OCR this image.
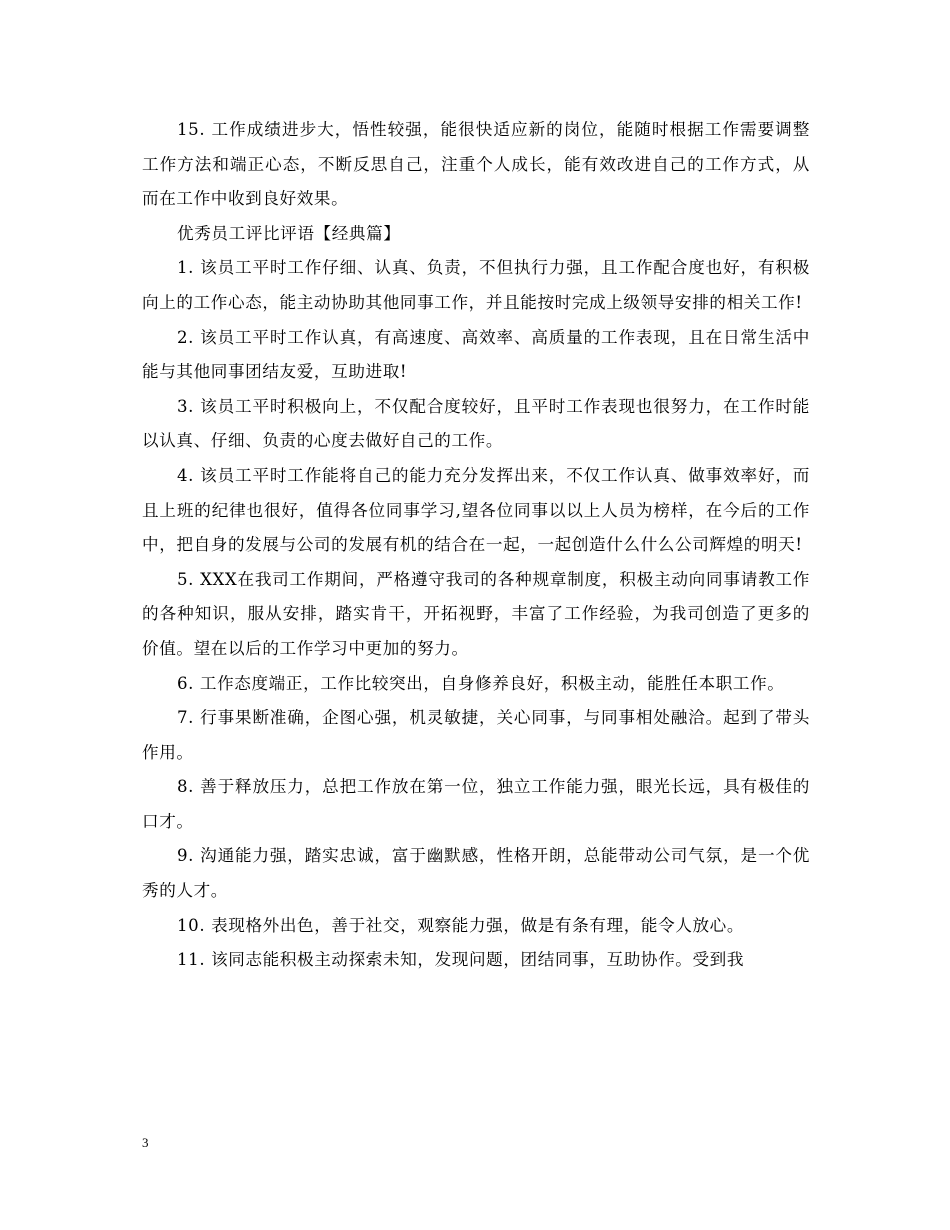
15. 工作成绩进步大，悟性较强，能很快适应新的岗位，能随时根据工作需要调整工作方法和端正心态，不断反思自己，注重个人成长，能有效改进自己的工作方式，从而在工作中收到良好效果。

优秀员工评比评语【经典篇】

1. 该员工平时工作仔细、认真、负责，不但执行力强，且工作配合度也好，有积极向上的工作心态，能主动协助其他同事工作，并且能按时完成上级领导安排的相关工作!

2. 该员工平时工作认真，有高速度、高效率、高质量的工作表现，且在日常生活中能与其他同事团结友爱，互助进取!

3. 该员工平时积极向上，不仅配合度较好，且平时工作表现也很努力，在工作时能以认真、仔细、负责的心度去做好自己的工作。

4. 该员工平时工作能将自己的能力充分发挥出来，不仅工作认真、做事效率好，而且上班的纪律也很好，值得各位同事学习,望各位同事以以上人员为榜样，在今后的工作中，把自身的发展与公司的发展有机的结合在一起，一起创造什么什么公司辉煌的明天!

5. XXX在我司工作期间，严格遵守我司的各种规章制度，积极主动向同事请教工作的各种知识，服从安排，踏实肯干，开拓视野，丰富了工作经验，为我司创造了更多的价值。望在以后的工作学习中更加的努力。

6. 工作态度端正，工作比较突出，自身修养良好，积极主动，能胜任本职工作。

7. 行事果断准确，企图心强，机灵敏捷，关心同事，与同事相处融洽。起到了带头作用。

8. 善于释放压力，总把工作放在第一位，独立工作能力强，眼光长远，具有极佳的口才。

9. 沟通能力强，踏实忠诚，富于幽默感，性格开朗，总能带动公司气氛，是一个优秀的人才。

10. 表现格外出色，善于社交，观察能力强，做是有条有理，能令人放心。

11. 该同志能积极主动探索未知，发现问题，团结同事，互助协作。受到我

3
